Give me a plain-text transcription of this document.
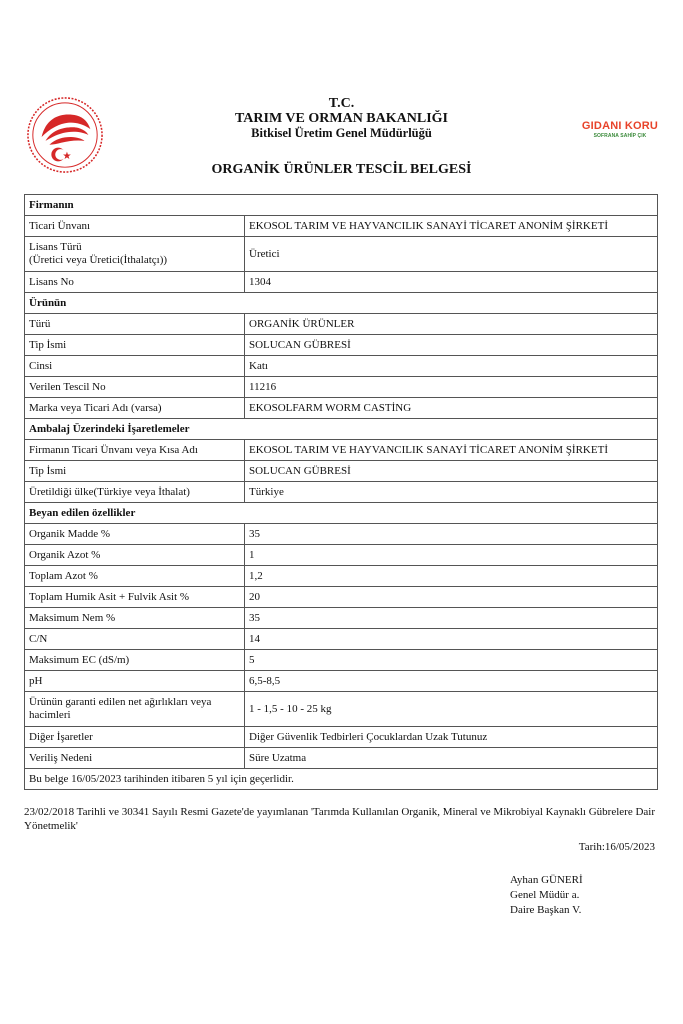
T.C.
TARIM VE ORMAN BAKANLIĞI
Bitkisel Üretim Genel Müdürlüğü
ORGANİK ÜRÜNLER TESCİL BELGESİ
GIDANI KORU
SOFRANA SAHİP ÇIK
Firmanın	
Ticari Ünvanı	EKOSOL TARIM VE HAYVANCILIK SANAYİ TİCARET ANONİM ŞİRKETİ

Lisans Türü
(Üretici veya Üretici(İthalatçı))	Üretici
Lisans No	1304
Ürünün	
Türü	ORGANİK ÜRÜNLER
Tip İsmi	SOLUCAN GÜBRESİ
Cinsi	Katı
Verilen Tescil No	11216
Marka veya Ticari Adı (varsa)	EKOSOLFARM WORM CASTİNG
Ambalaj Üzerindeki İşaretlemeler	
Firmanın Ticari Ünvanı veya Kısa Adı	EKOSOL TARIM VE HAYVANCILIK SANAYİ TİCARET ANONİM ŞİRKETİ
Tip İsmi	SOLUCAN GÜBRESİ
Üretildiği ülke(Türkiye veya İthalat)	Türkiye
Beyan edilen özellikler	
Organik Madde %	35
Organik Azot %	1
Toplam Azot %	1,2
Toplam Humik Asit + Fulvik Asit %	20
Maksimum Nem %	35
C/N	14
Maksimum EC (dS/m)	5
pH	6,5-8,5
Ürünün garanti edilen net ağırlıkları veya hacimleri	1 - 1,5 - 10 - 25 kg
Diğer İşaretler	Diğer Güvenlik Tedbirleri Çocuklardan Uzak Tutunuz
Veriliş Nedeni	Süre Uzatma
Bu belge 16/05/2023 tarihinden itibaren 5 yıl için geçerlidir.	
23/02/2018 Tarihli ve 30341 Sayılı Resmi Gazete'de yayımlanan 'Tarımda Kullanılan Organik, Mineral ve Mikrobiyal Kaynaklı Gübrelere Dair Yönetmelik'
Tarih:16/05/2023
Ayhan GÜNERİ
Genel Müdür a.
Daire Başkan V.
